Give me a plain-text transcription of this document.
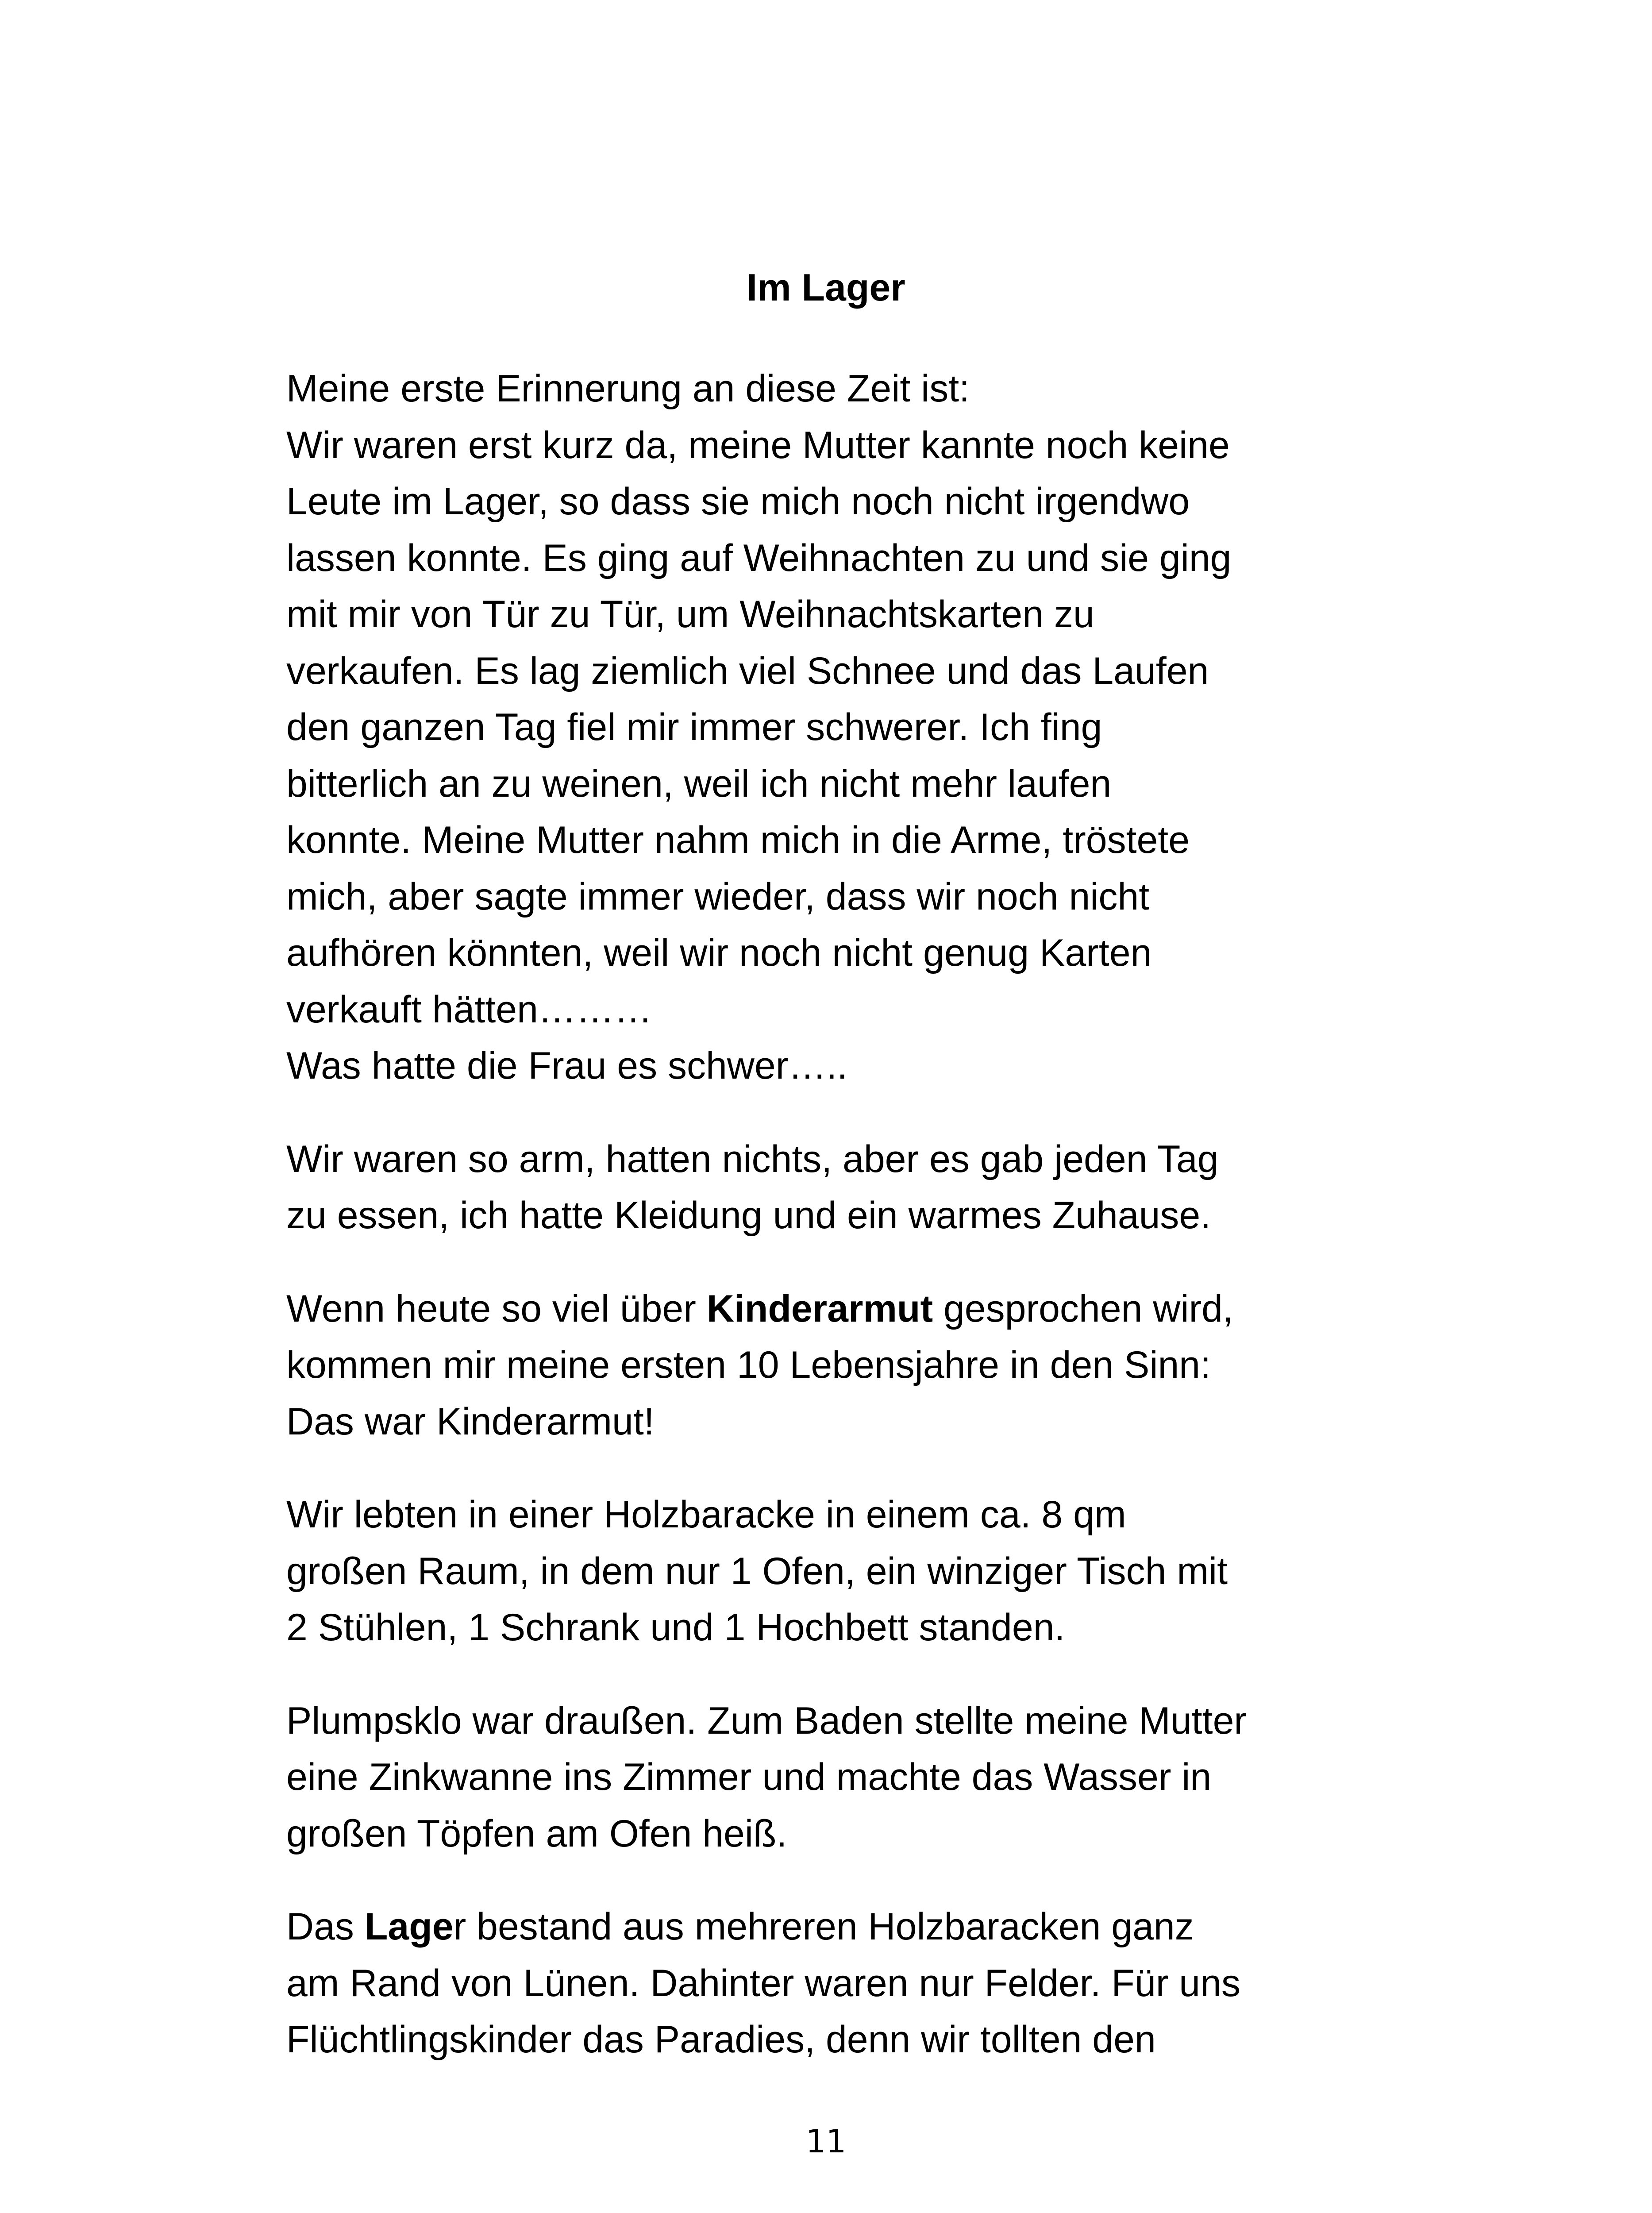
Im Lager

Meine erste Erinnerung an diese Zeit ist:
Wir waren erst kurz da, meine Mutter kannte noch keine
Leute im Lager, so dass sie mich noch nicht irgendwo
lassen konnte. Es ging auf Weihnachten zu und sie ging
mit mir von Tür zu Tür, um Weihnachtskarten zu
verkaufen. Es lag ziemlich viel Schnee und das Laufen
den ganzen Tag fiel mir immer schwerer. Ich fing
bitterlich an zu weinen, weil ich nicht mehr laufen
konnte. Meine Mutter nahm mich in die Arme, tröstete
mich, aber sagte immer wieder, dass wir noch nicht
aufhören könnten, weil wir noch nicht genug Karten
verkauft hätten………
Was hatte die Frau es schwer…..

Wir waren so arm, hatten nichts, aber es gab jeden Tag
zu essen, ich hatte Kleidung und ein warmes Zuhause.

Wenn heute so viel über Kinderarmut gesprochen wird,
kommen mir meine ersten 10 Lebensjahre in den Sinn:
Das war Kinderarmut!

Wir lebten in einer Holzbaracke in einem ca. 8 qm
großen Raum, in dem nur 1 Ofen, ein winziger Tisch mit
2 Stühlen, 1 Schrank und 1 Hochbett standen.

Plumpsklo war draußen. Zum Baden stellte meine Mutter
eine Zinkwanne ins Zimmer und machte das Wasser in
großen Töpfen am Ofen heiß.

Das Lager bestand aus mehreren Holzbaracken ganz
am Rand von Lünen. Dahinter waren nur Felder. Für uns
Flüchtlingskinder das Paradies, denn wir tollten den

11
